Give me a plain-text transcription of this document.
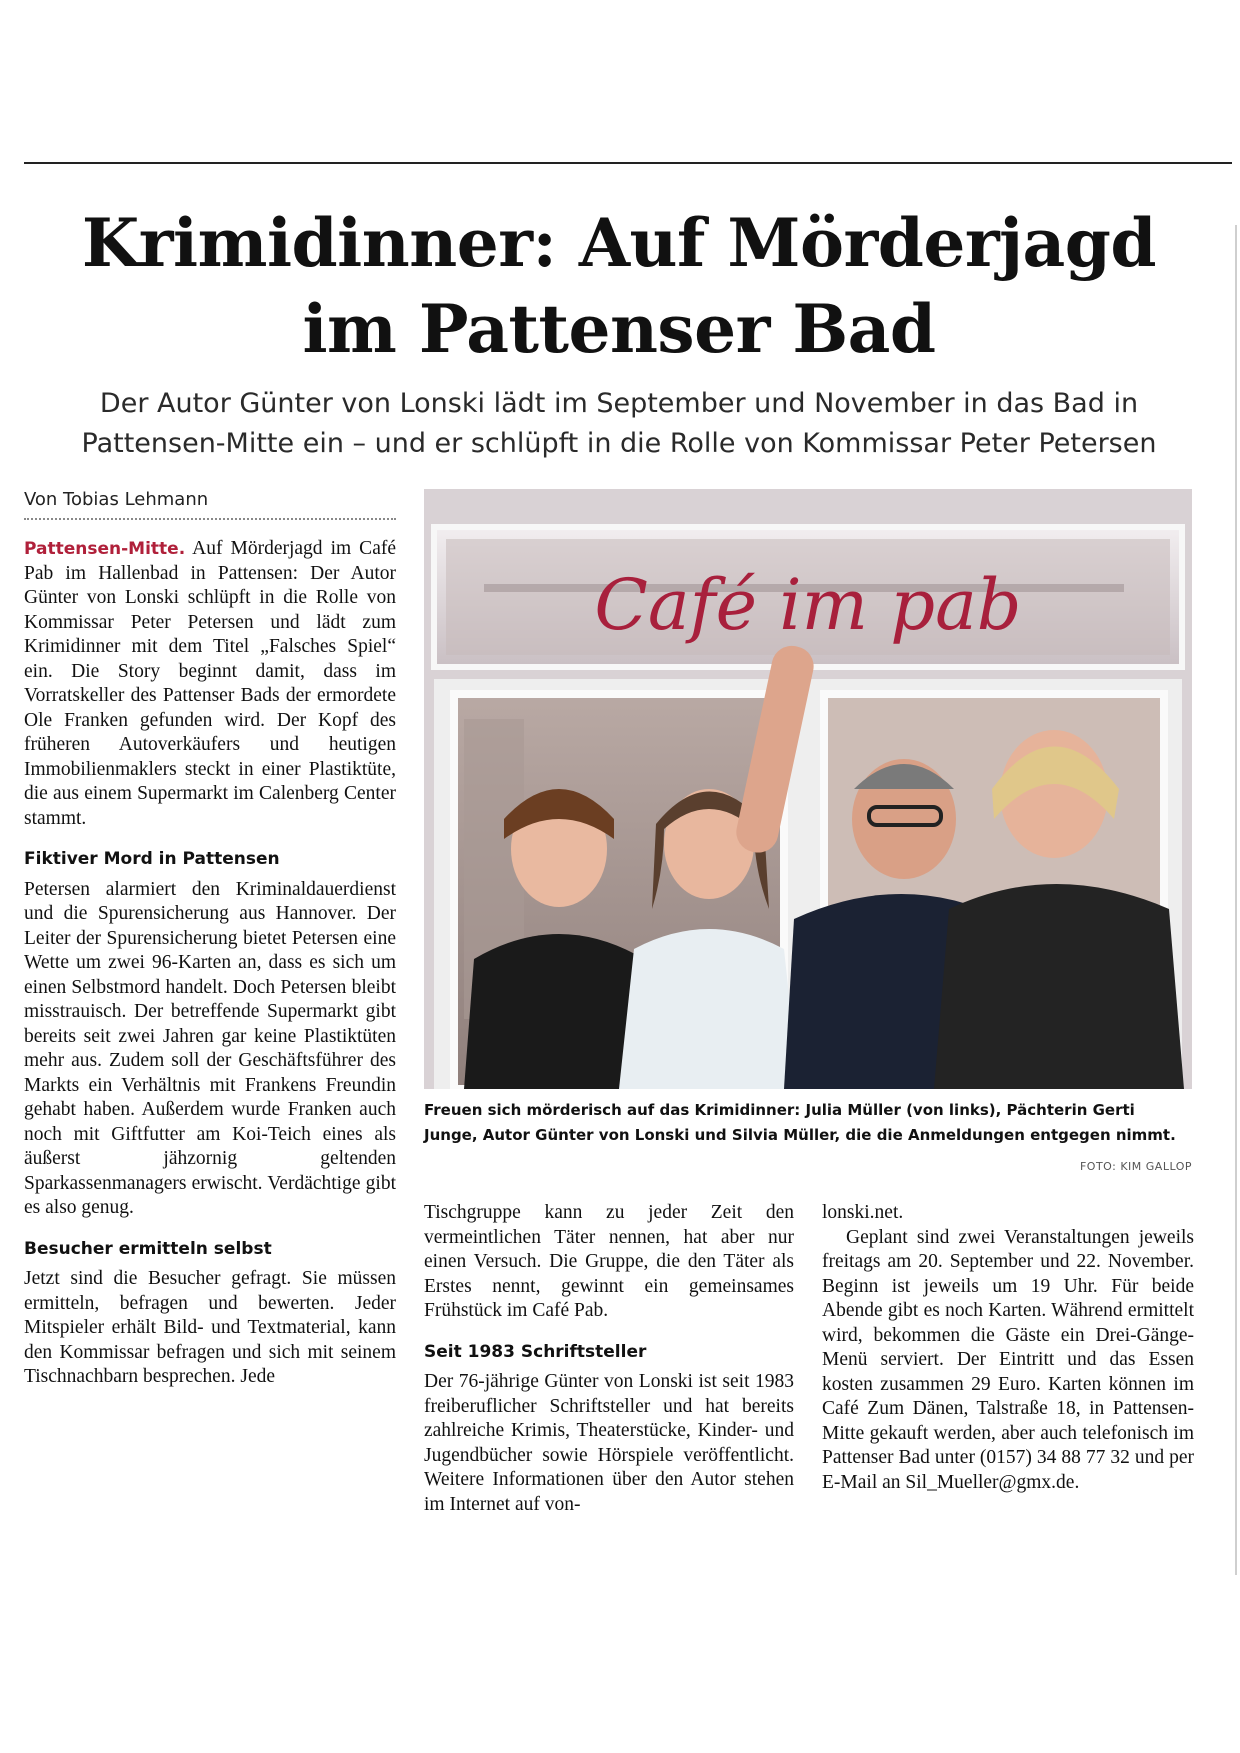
Krimidinner: Auf Mörderjagd
im Pattenser Bad
Der Autor Günter von Lonski lädt im September und November in das Bad in
Pattensen-Mitte ein – und er schlüpft in die Rolle von Kommissar Peter Petersen
Von Tobias Lehmann

Pattensen-Mitte. Auf Mörderjagd im Café Pab im Hallenbad in Pattensen: Der Autor Günter von Lonski schlüpft in die Rolle von Kommissar Peter Petersen und lädt zum Krimidinner mit dem Titel „Falsches Spiel“ ein. Die Story beginnt damit, dass im Vorratskeller des Pattenser Bads der ermordete Ole Franken gefunden wird. Der Kopf des früheren Autoverkäufers und heutigen Immobilienmaklers steckt in einer Plastiktüte, die aus einem Supermarkt im Calenberg Center stammt.

Fiktiver Mord in Pattensen

Petersen alarmiert den Kriminaldauerdienst und die Spurensicherung aus Hannover. Der Leiter der Spurensicherung bietet Petersen eine Wette um zwei 96-Karten an, dass es sich um einen Selbstmord handelt. Doch Petersen bleibt misstrauisch. Der betreffende Supermarkt gibt bereits seit zwei Jahren gar keine Plastiktüten mehr aus. Zudem soll der Geschäftsführer des Markts ein Verhältnis mit Frankens Freundin gehabt haben. Außerdem wurde Franken auch noch mit Giftfutter am Koi-Teich eines als äußerst jähzornig geltenden Sparkassenmanagers erwischt. Verdächtige gibt es also genug.

Besucher ermitteln selbst

Jetzt sind die Besucher gefragt. Sie müssen ermitteln, befragen und bewerten. Jeder Mitspieler erhält Bild- und Textmaterial, kann den Kommissar befragen und sich mit seinem Tischnachbarn besprechen. Jede

Café im pab
Freuen sich mörderisch auf das Krimidinner: Julia Müller (von links), Pächterin Gerti Junge, Autor Günter von Lonski und Silvia Müller, die die Anmeldungen entgegen nimmt.
FOTO: KIM GALLOP

Tischgruppe kann zu jeder Zeit den vermeintlichen Täter nennen, hat aber nur einen Versuch. Die Gruppe, die den Täter als Erstes nennt, gewinnt ein gemeinsames Frühstück im Café Pab.

Seit 1983 Schriftsteller

Der 76-jährige Günter von Lonski ist seit 1983 freiberuflicher Schriftsteller und hat bereits zahlreiche Krimis, Theaterstücke, Kinder- und Jugendbücher sowie Hörspiele veröffentlicht. Weitere Informationen über den Autor stehen im Internet auf von-

lonski.net.

Geplant sind zwei Veranstaltungen jeweils freitags am 20. September und 22. November. Beginn ist jeweils um 19 Uhr. Für beide Abende gibt es noch Karten. Während ermittelt wird, bekommen die Gäste ein Drei-Gänge-Menü serviert. Der Eintritt und das Essen kosten zusammen 29 Euro. Karten können im Café Zum Dänen, Talstraße 18, in Pattensen-Mitte gekauft werden, aber auch telefonisch im Pattenser Bad unter (0157) 34 88 77 32 und per E-Mail an Sil_Mueller@gmx.de.
